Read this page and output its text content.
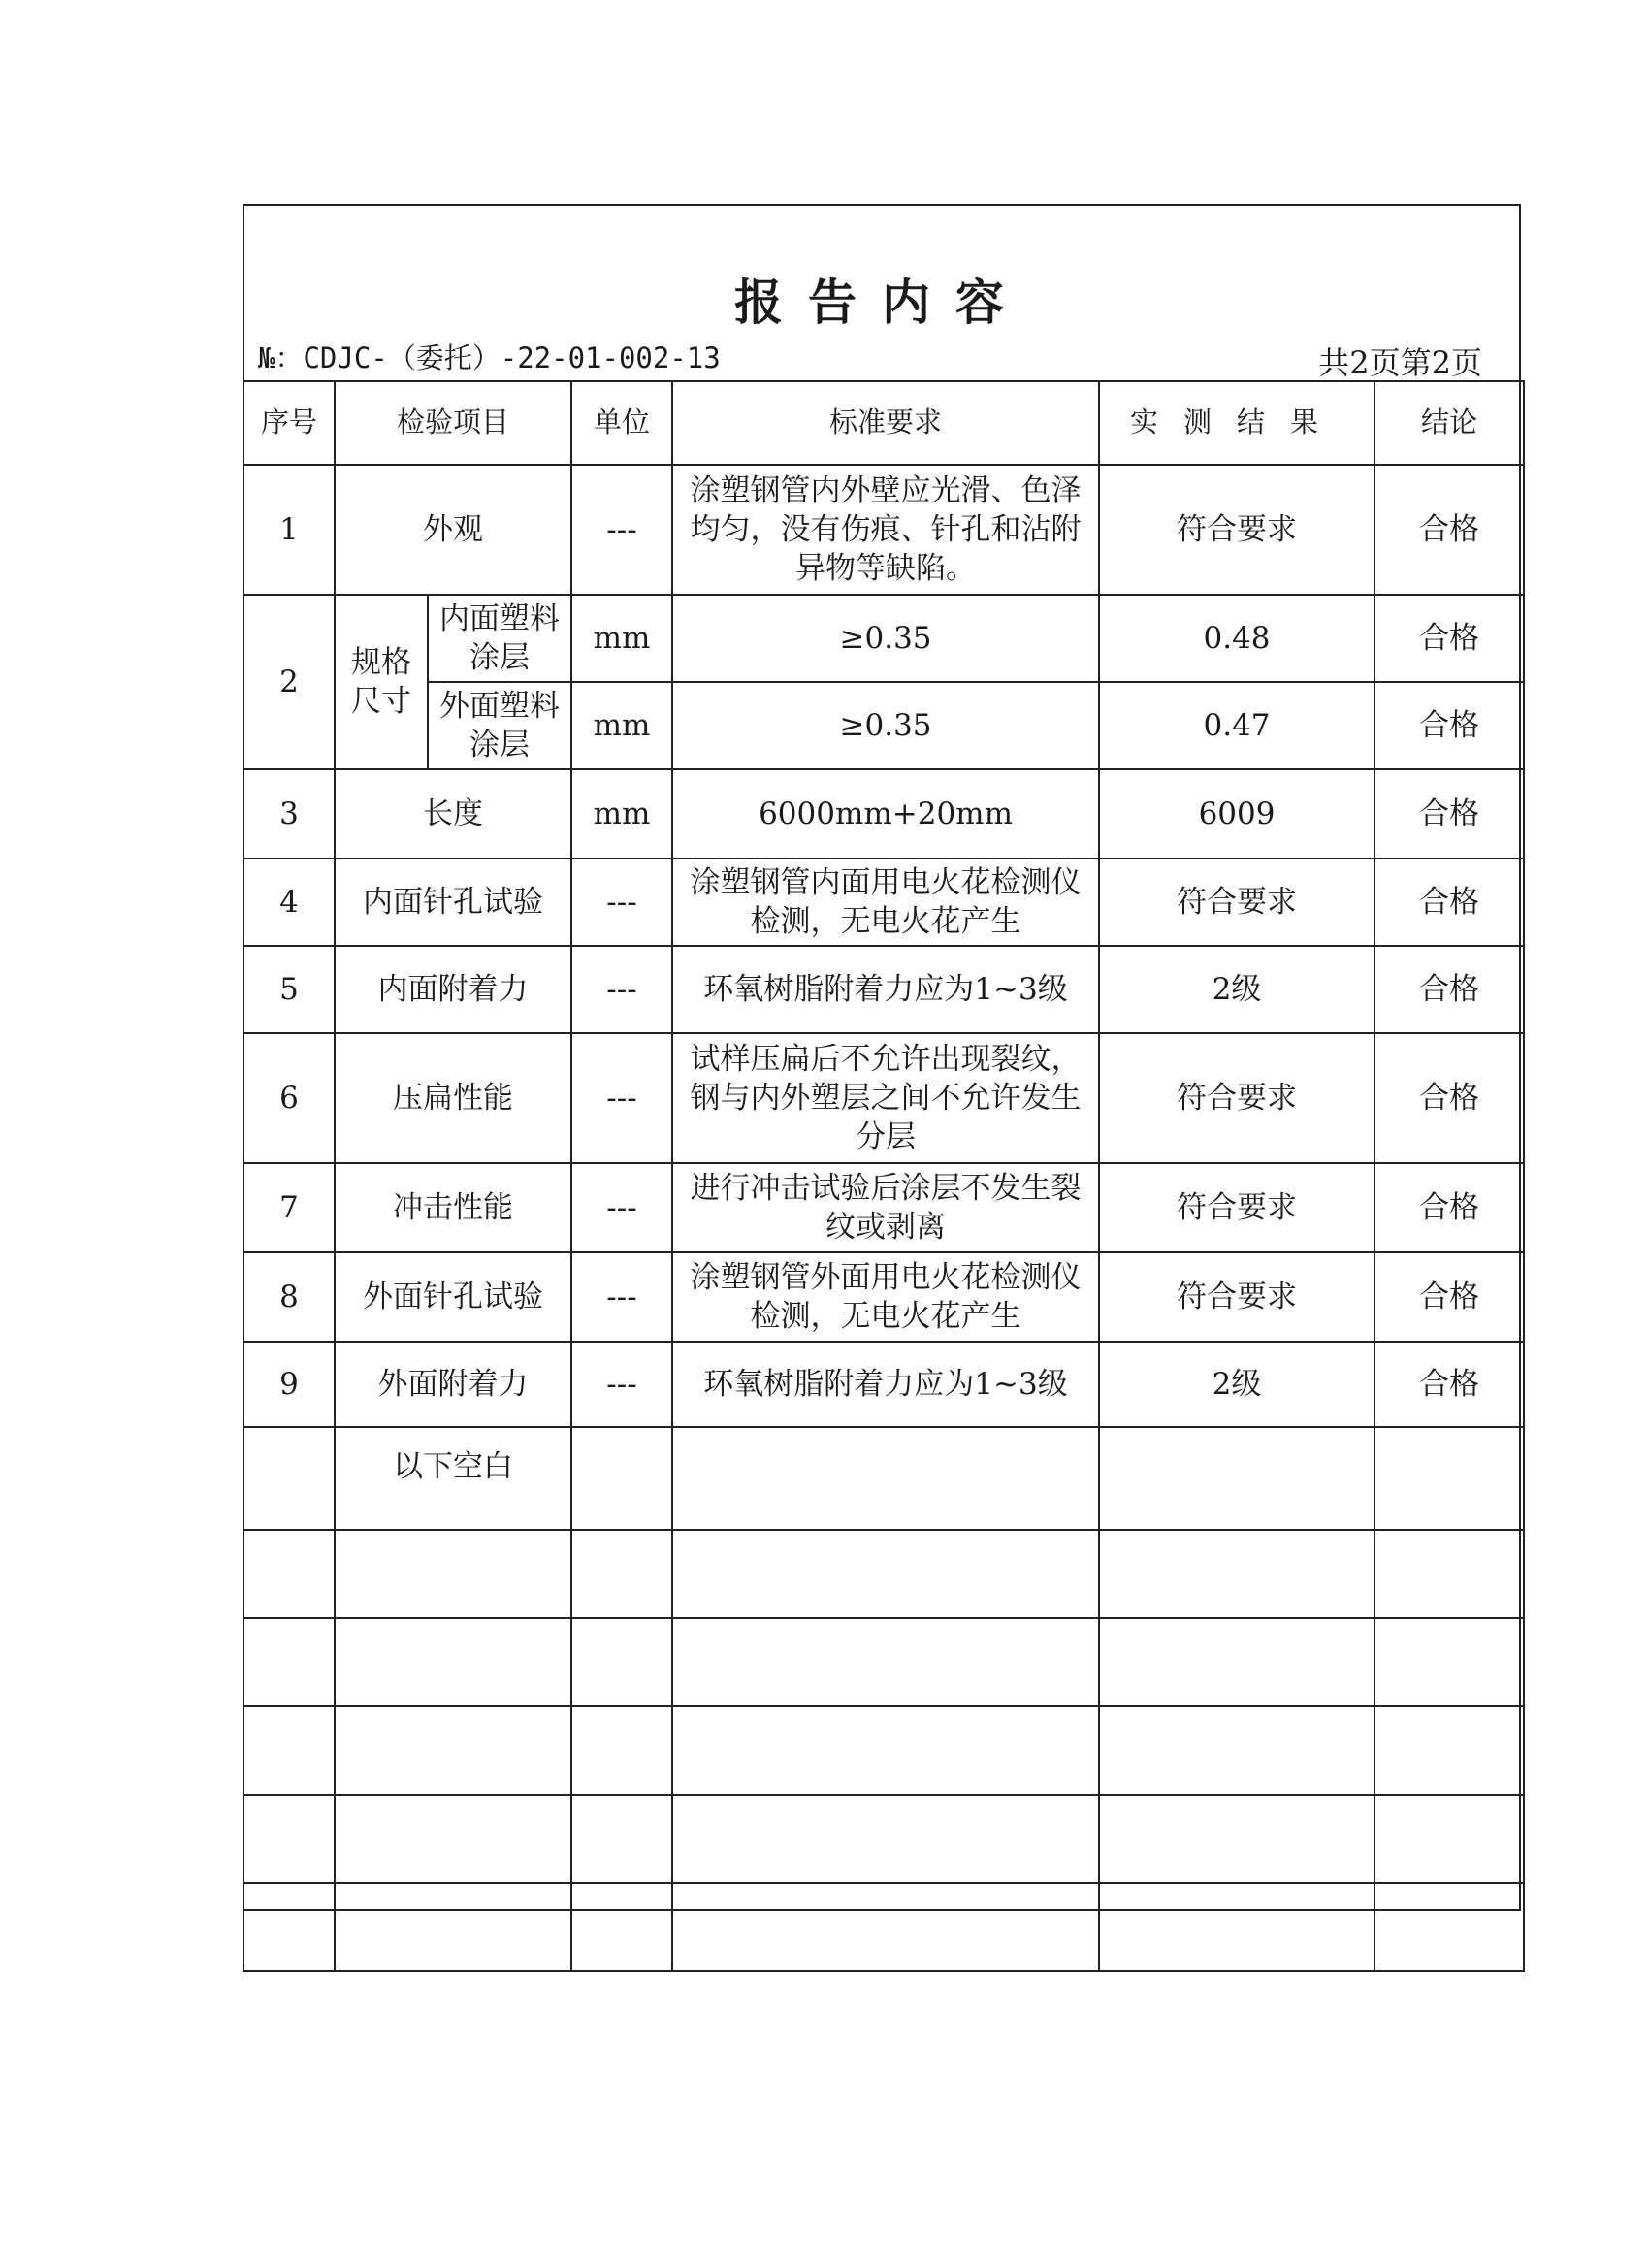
报告内容
№：CDJC-（委托）-22-01-002-13	共2页第2页
序号	检验项目		单位	标准要求	实测结果	结论
1	外观		---	涂塑钢管内外壁应光滑、色泽均匀，没有伤痕、针孔和沾附异物等缺陷。	符合要求	合格
2	规格尺寸	内面塑料涂层	mm	≥0.35	0.48	合格
		外面塑料涂层	mm	≥0.35	0.47	合格
3	长度		mm	6000mm+20mm	6009	合格
4	内面针孔试验		---	涂塑钢管内面用电火花检测仪检测，无电火花产生	符合要求	合格
5	内面附着力		---	环氧树脂附着力应为1~3级	2级	合格
6	压扁性能		---	试样压扁后不允许出现裂纹，钢与内外塑层之间不允许发生分层	符合要求	合格
7	冲击性能		---	进行冲击试验后涂层不发生裂纹或剥离	符合要求	合格
8	外面针孔试验		---	涂塑钢管外面用电火花检测仪检测，无电火花产生	符合要求	合格
9	外面附着力		---	环氧树脂附着力应为1~3级	2级	合格
	以下空白					
